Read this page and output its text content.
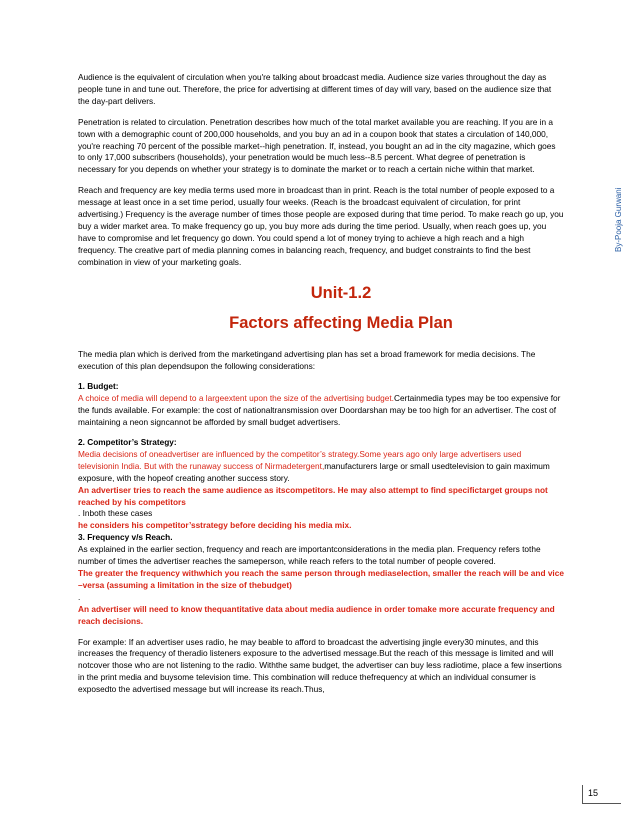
By-Pooja Gurwani

Audience is the equivalent of circulation when you're talking about broadcast media. Audience size varies throughout the day as people tune in and tune out. Therefore, the price for advertising at different times of day will vary, based on the audience size that the day-part delivers.

Penetration is related to circulation. Penetration describes how much of the total market available you are reaching. If you are in a town with a demographic count of 200,000 households, and you buy an ad in a coupon book that states a circulation of 140,000, you're reaching 70 percent of the possible market--high penetration. If, instead, you bought an ad in the city magazine, which goes to only 17,000 subscribers (households), your penetration would be much less--8.5 percent. What degree of penetration is necessary for you depends on whether your strategy is to dominate the market or to reach a certain niche within that market.

Reach and frequency are key media terms used more in broadcast than in print. Reach is the total number of people exposed to a message at least once in a set time period, usually four weeks. (Reach is the broadcast equivalent of circulation, for print advertising.) Frequency is the average number of times those people are exposed during that time period. To make reach go up, you buy a wider market area. To make frequency go up, you buy more ads during the time period. Usually, when reach goes up, you have to compromise and let frequency go down. You could spend a lot of money trying to achieve a high reach and a high frequency. The creative part of media planning comes in balancing reach, frequency, and budget constraints to find the best combination in view of your marketing goals.

Unit-1.2
Factors affecting Media Plan

The media plan which is derived from the marketingand advertising plan has set a broad framework for media decisions. The execution of this plan dependsupon the following considerations:

1. Budget:

A choice of media will depend to a largeextent upon the size of the advertising budget.Certainmedia types may be too expensive for the funds available. For example: the cost of nationaltransmission over Doordarshan may be too high for an advertiser. The cost of maintaining a neon signcannot be afforded by small budget advertisers.

2. Competitor’s Strategy:

Media decisions of oneadvertiser are influenced by the competitor’s strategy.Some years ago only large advertisers used televisionin India. But with the runaway success of Nirmadetergent,manufacturers large or small usedtelevision to gain maximum exposure, with the hopeof creating another success story.

An advertiser tries to reach the same audience as itscompetitors. He may also attempt to find specifictarget groups not reached by his competitors

. Inboth these cases

he considers his competitor’sstrategy before deciding his media mix.

3. Frequency v/s Reach.

As explained in the earlier section, frequency and reach are importantconsiderations in the media plan. Frequency refers tothe number of times the advertiser reaches the sameperson, while reach refers to the total number of people covered.

The greater the frequency withwhich you reach the same person through mediaselection, smaller the reach will be and vice –versa (assuming a limitation in the size of thebudget)

.

An advertiser will need to know thequantitative data about media audience in order tomake more accurate frequency and reach decisions.

For example: If an advertiser uses radio, he may beable to afford to broadcast the advertising jingle every30 minutes, and this increases the frequency of theradio listeners exposure to the advertised message.But the reach of this message is limited and will notcover those who are not listening to the radio. Withthe same budget, the advertiser can buy less radiotime, place a few insertions in the print media and buysome television time. This combination will reduce thefrequency at which an individual consumer is exposedto the advertised message but will increase its reach.Thus,

15
